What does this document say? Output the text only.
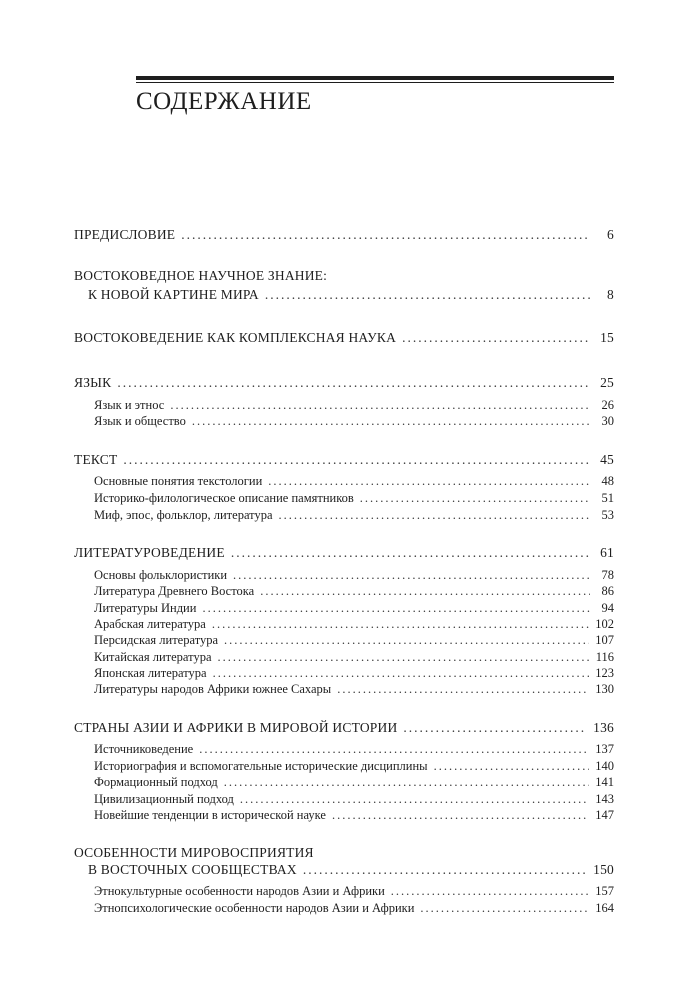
СОДЕРЖАНИЕ
ПРЕДИСЛОВИЕ .....	6
ВОСТОКОВЕДНОЕ НАУЧНОЕ ЗНАНИЕ:
К НОВОЙ КАРТИНЕ МИРА .....	8
ВОСТОКОВЕДЕНИЕ КАК КОМПЛЕКСНАЯ НАУКА .....	15
ЯЗЫК .....	25
Язык и этнос .....	26
Язык и общество .....	30
ТЕКСТ .....	45
Основные понятия текстологии .....	48
Историко-филологическое описание памятников .....	51
Миф, эпос, фольклор, литература .....	53
ЛИТЕРАТУРОВЕДЕНИЕ .....	61
Основы фольклористики .....	78
Литература Древнего Востока .....	86
Литературы Индии .....	94
Арабская литература .....	102
Персидская литература .....	107
Китайская литература .....	116
Японская литература .....	123
Литературы народов Африки южнее Сахары .....	130
СТРАНЫ АЗИИ И АФРИКИ В МИРОВОЙ ИСТОРИИ .....	136
Источниковедение .....	137
Историография и вспомогательные исторические дисциплины .....	140
Формационный подход .....	141
Цивилизационный подход .....	143
Новейшие тенденции в исторической науке .....	147
ОСОБЕННОСТИ МИРОВОСПРИЯТИЯ
В ВОСТОЧНЫХ СООБЩЕСТВАХ .....	150
Этнокультурные особенности народов Азии и Африки .....	157
Этнопсихологические особенности народов Азии и Африки .....	164
